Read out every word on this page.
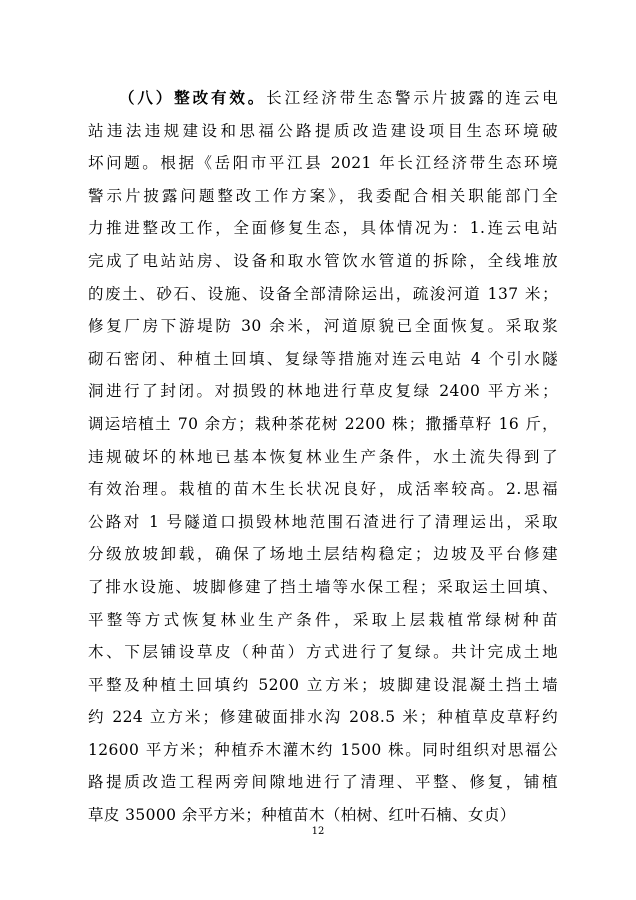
（八）整改有效。长江经济带生态警示片披露的连云电
站违法违规建设和思福公路提质改造建设项目生态环境破
坏问题。根据《岳阳市平江县 2021 年长江经济带生态环境
警示片披露问题整改工作方案》，我委配合相关职能部门全
力推进整改工作，全面修复生态，具体情况为：1.连云电站
完成了电站站房、设备和取水管饮水管道的拆除，全线堆放
的废土、砂石、设施、设备全部清除运出，疏浚河道 137 米；
修复厂房下游堤防 30 余米，河道原貌已全面恢复。采取浆
砌石密闭、种植土回填、复绿等措施对连云电站 4 个引水隧
洞进行了封闭。对损毁的林地进行草皮复绿 2400 平方米；
调运培植土 70 余方；栽种茶花树 2200 株；撒播草籽 16 斤，
违规破坏的林地已基本恢复林业生产条件，水土流失得到了
有效治理。栽植的苗木生长状况良好，成活率较高。2.思福
公路对 1 号隧道口损毁林地范围石渣进行了清理运出，采取
分级放坡卸载，确保了场地土层结构稳定；边坡及平台修建
了排水设施、坡脚修建了挡土墙等水保工程；采取运土回填、
平整等方式恢复林业生产条件，采取上层栽植常绿树种苗
木、下层铺设草皮（种苗）方式进行了复绿。共计完成土地
平整及种植土回填约 5200 立方米；坡脚建设混凝土挡土墙
约 224 立方米；修建破面排水沟 208.5 米；种植草皮草籽约
12600 平方米；种植乔木灌木约 1500 株。同时组织对思福公
路提质改造工程两旁间隙地进行了清理、平整、修复，铺植
草皮 35000 余平方米；种植苗木（柏树、红叶石楠、女贞）
12
